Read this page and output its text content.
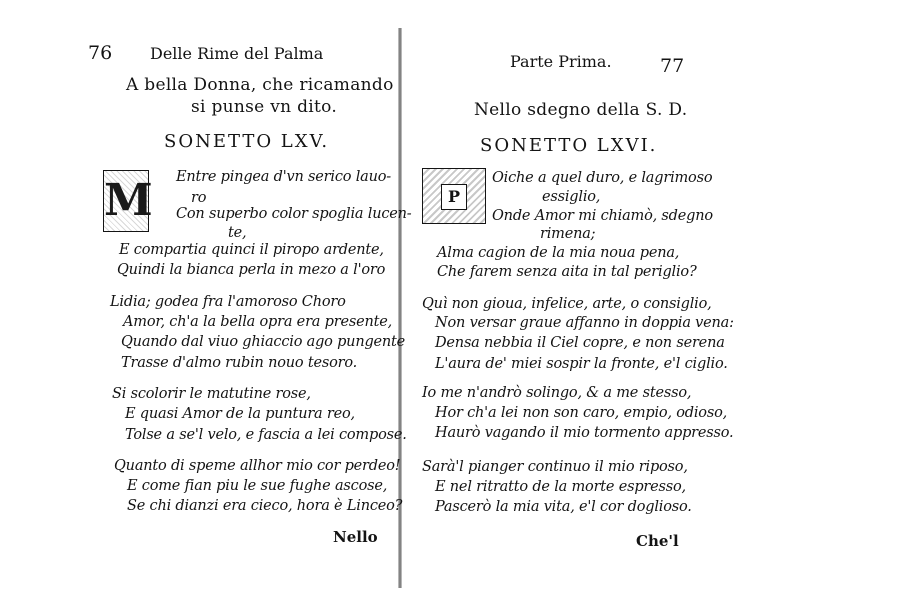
76 Delle Rime del Palma
A bella Donna, che ricamando
si punse vn dito.
SONETTO LXV.
M Entre pingea d'vn serico lauo-
ro
Con superbo color spoglia lucen-
te,
E compartia quinci il piropo ardente,
Quindi la bianca perla in mezo a l'oro
Lidia; godea fra l'amoroso Choro
Amor, ch'a la bella opra era presente,
Quando dal viuo ghiaccio ago pungente
Trasse d'almo rubin nouo tesoro.
Si scolorir le matutine rose,
E quasi Amor de la puntura reo,
Tolse a se'l velo, e fascia a lei compose.
Quanto di speme allhor mio cor perdeo!
E come fian piu le sue fughe ascose,
Se chi dianzi era cieco, hora è Linceo?
Nello
Parte Prima.	77
Nello sdegno della S. D.
SONETTO LXVI.
P
Oiche a quel duro, e lagrimoso
essiglio,
Onde Amor mi chiamò, sdegno
rimena;
Alma cagion de la mia noua pena,
Che farem senza aita in tal periglio?
Quì non gioua, infelice, arte, o consiglio,
Non versar graue affanno in doppia vena:
Densa nebbia il Ciel copre, e non serena
L'aura de' miei sospir la fronte, e'l ciglio.
Io me n'andrò solingo, & a me stesso,
Hor ch'a lei non son caro, empio, odioso,
Haurò vagando il mio tormento appresso.
Sarà'l pianger continuo il mio riposo,
E nel ritratto de la morte espresso,
Pascerò la mia vita, e'l cor doglioso.
Che'l
